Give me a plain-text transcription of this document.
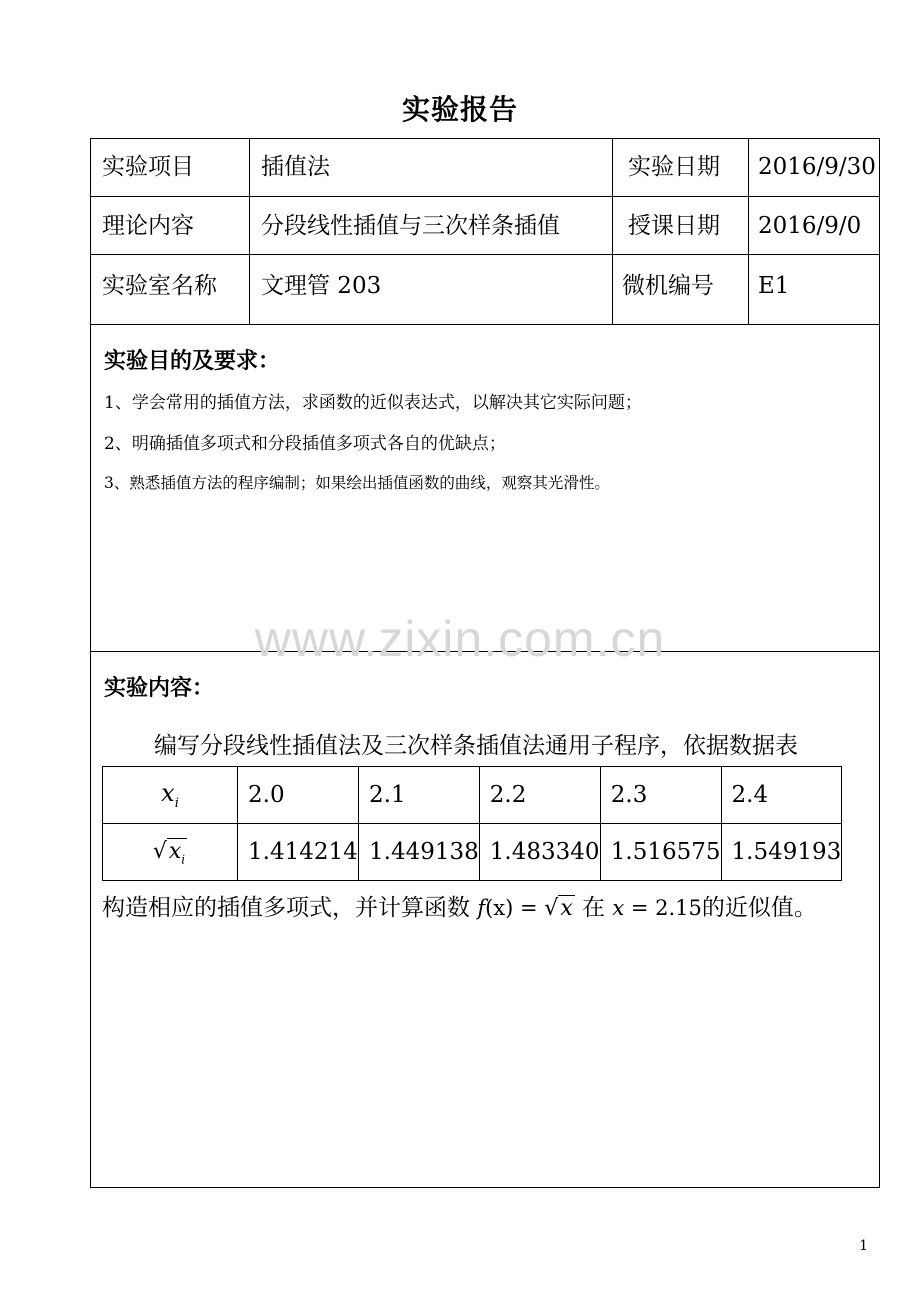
实验报告
实验项目	插值法	实验日期 2016/9/30
理论内容	分段线性插值与三次样条插值	授课日期 2016/9/0
实验室名称 文理管 203	微机编号 E1
实验目的及要求：
1、学会常用的插值方法，求函数的近似表达式，以解决其它实际问题；
2、明确插值多项式和分段插值多项式各自的优缺点；
3、熟悉插值方法的程序编制；如果绘出插值函数的曲线，观察其光滑性。
实验内容：
编写分段线性插值法及三次样条插值法通用子程序，依据数据表
$x_i$	2.0	2.1	2.2	2.3	2.4
$√x_i$	1.414214	1.449138	1.483340	1.516575	1.549193
构造相应的插值多项式，并计算函数 f(x) = √x 在 x = 2.15的近似值。
www.zixin.com.cn
1
